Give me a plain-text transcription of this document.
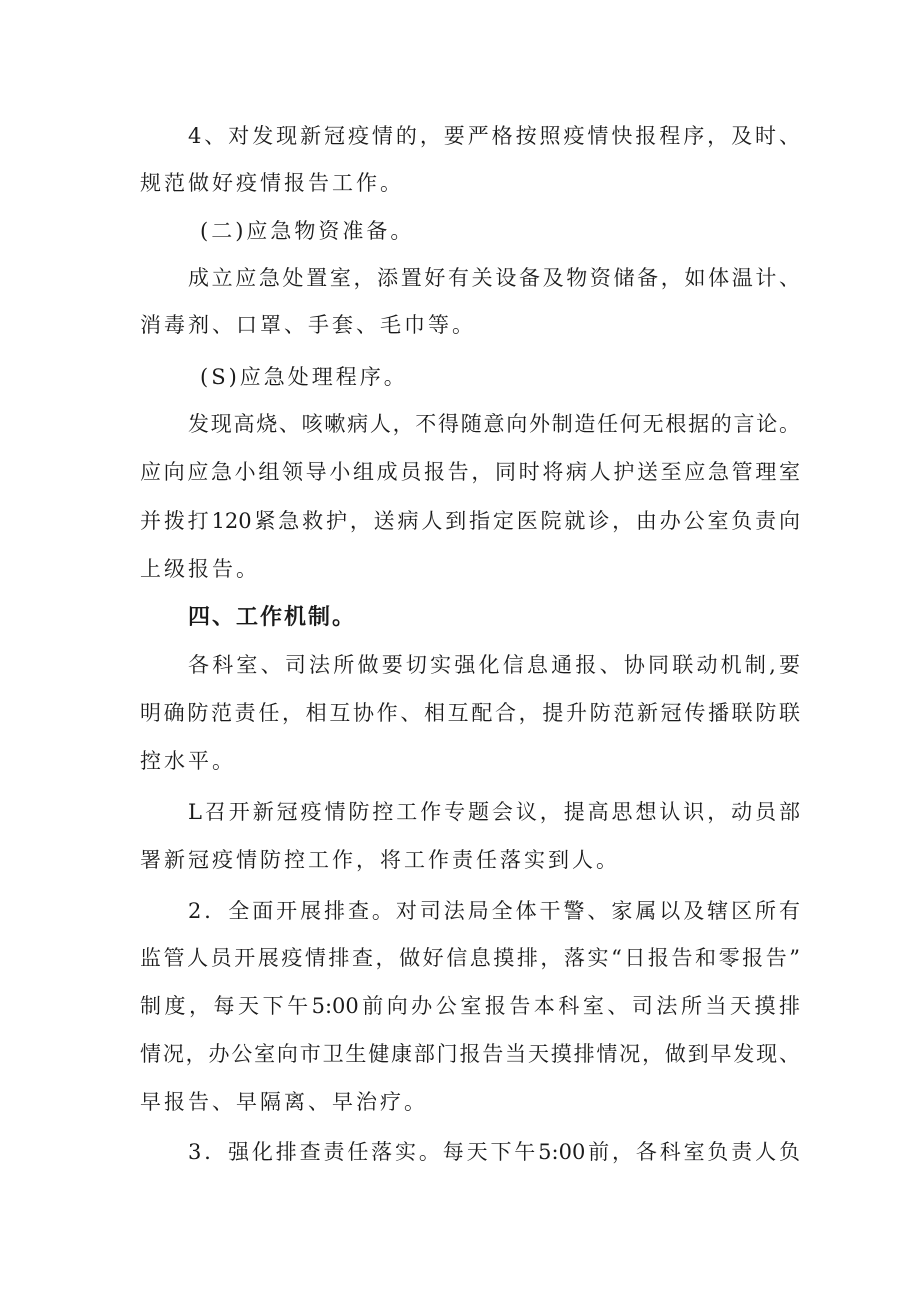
4、对发现新冠疫情的，要严格按照疫情快报程序，及时、
规范做好疫情报告工作。
(二)应急物资准备。
成立应急处置室，添置好有关设备及物资储备，如体温计、
消毒剂、口罩、手套、毛巾等。
(S)应急处理程序。
发现高烧、咳嗽病人，不得随意向外制造任何无根据的言论。
应向应急小组领导小组成员报告，同时将病人护送至应急管理室
并拨打120紧急救护，送病人到指定医院就诊，由办公室负责向
上级报告。
四、工作机制。
各科室、司法所做要切实强化信息通报、协同联动机制,要
明确防范责任，相互协作、相互配合，提升防范新冠传播联防联
控水平。
L召开新冠疫情防控工作专题会议，提高思想认识，动员部
署新冠疫情防控工作，将工作责任落实到人。
2．全面开展排查。对司法局全体干警、家属以及辖区所有
监管人员开展疫情排查，做好信息摸排，落实“日报告和零报告”
制度，每天下午5:00前向办公室报告本科室、司法所当天摸排
情况，办公室向市卫生健康部门报告当天摸排情况，做到早发现、
早报告、早隔离、早治疗。
3．强化排查责任落实。每天下午5:00前，各科室负责人负
